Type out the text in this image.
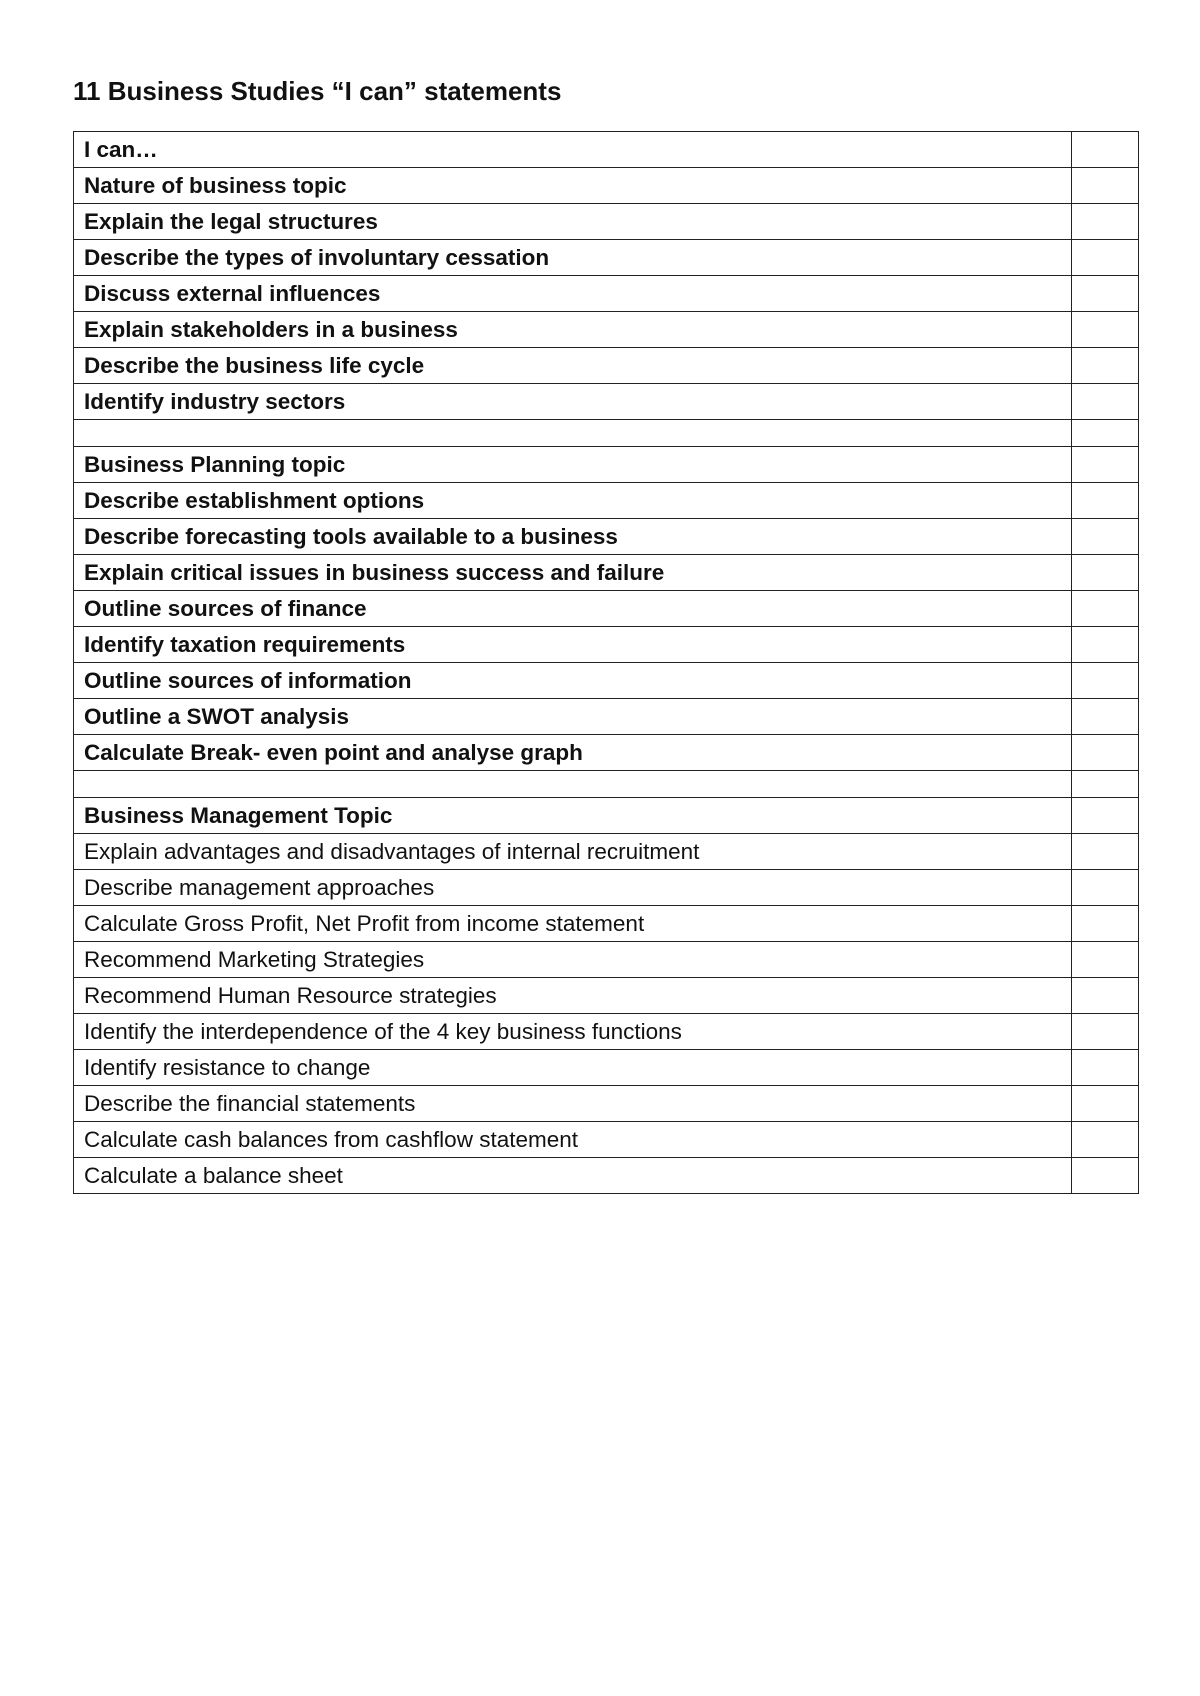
11 Business Studies “I can” statements
I can…	
Nature of business topic	
Explain the legal structures	
Describe the types of involuntary cessation	
Discuss external influences	
Explain stakeholders in a business	
Describe the business life cycle	
Identify industry sectors	

Business Planning topic	
Describe establishment options	
Describe forecasting tools available to a business	
Explain critical issues in business success and failure	
Outline sources of finance	
Identify taxation requirements	
Outline sources of information	
Outline a SWOT analysis	
Calculate Break- even point and analyse graph	

Business Management Topic	
Explain advantages and disadvantages of internal recruitment	
Describe management approaches	
Calculate Gross Profit, Net Profit from income statement	
Recommend Marketing Strategies	
Recommend Human Resource strategies	
Identify the interdependence of the 4 key business functions	
Identify resistance to change	
Describe the financial statements	
Calculate cash balances from cashflow statement	
Calculate a balance sheet	
